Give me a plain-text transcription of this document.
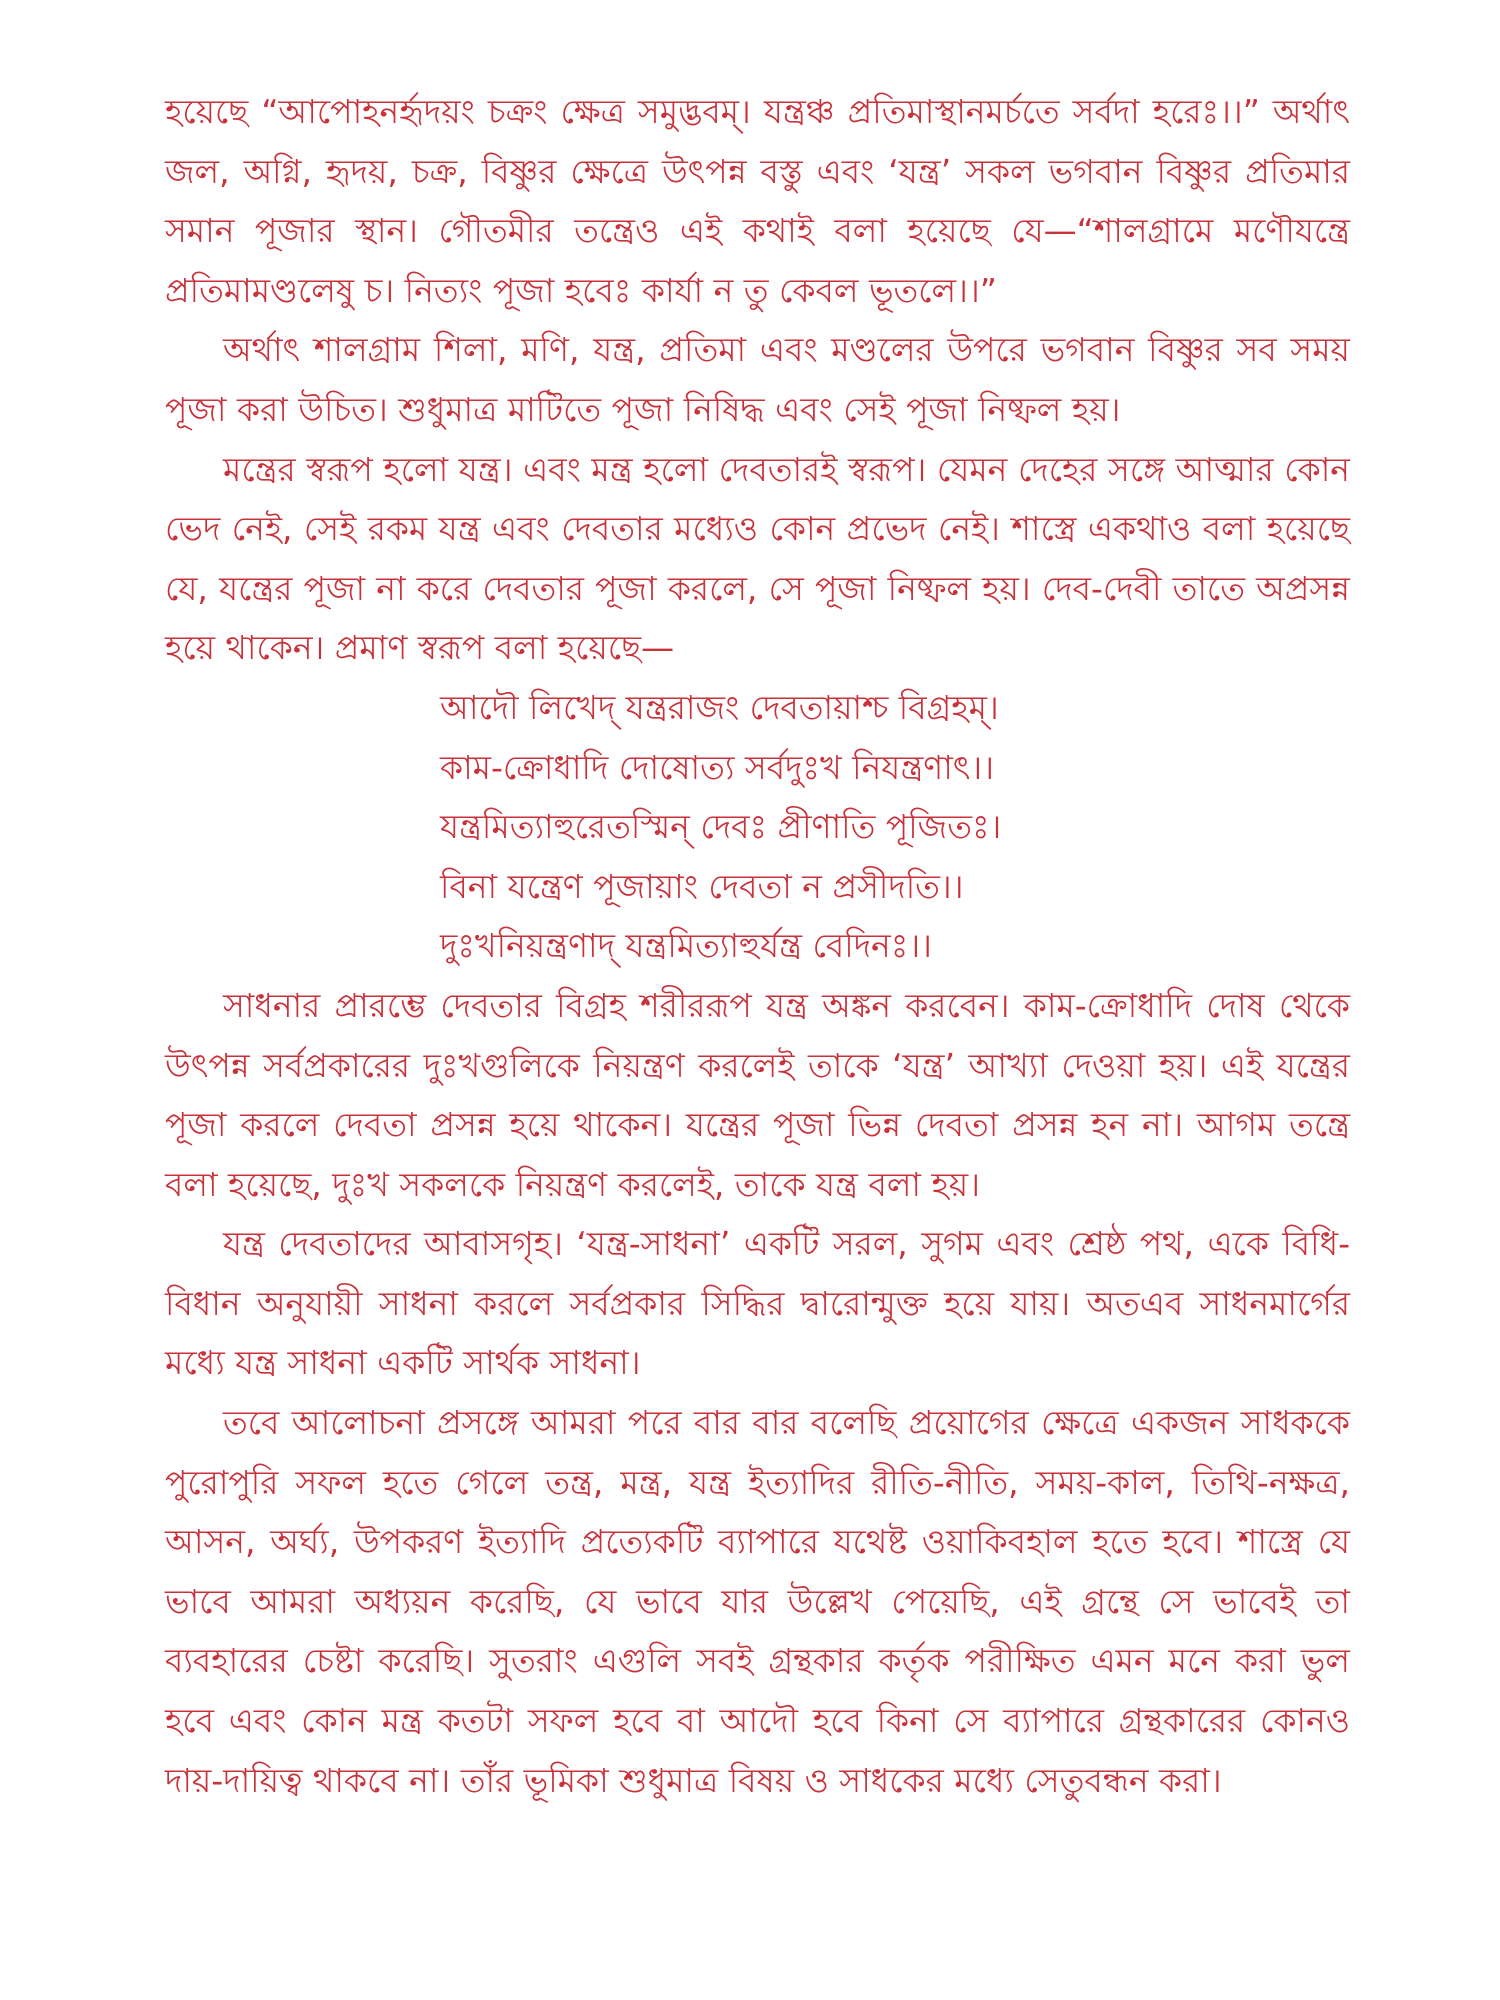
হয়েছে “আপোহনর্হৃদয়ং চক্রং ক্ষেত্র সমুদ্ভবম্। যন্ত্রঞ্চ প্রতিমাস্থানমর্চতে সর্বদা হরেঃ।।” অর্থাৎ জল, অগ্নি, হৃদয়, চক্র, বিষ্ণুর ক্ষেত্রে উৎপন্ন বস্তু এবং ‘যন্ত্র’ সকল ভগবান বিষ্ণুর প্রতিমার সমান পূজার স্থান। গৌতমীর তন্ত্রেও এই কথাই বলা হয়েছে যে—“শালগ্রামে মণৌযন্ত্রে প্রতিমামণ্ডলেষু চ। নিত্যং পূজা হবেঃ কার্যা ন তু কেবল ভূতলে।।”

অর্থাৎ শালগ্রাম শিলা, মণি, যন্ত্র, প্রতিমা এবং মণ্ডলের উপরে ভগবান বিষ্ণুর সব সময় পূজা করা উচিত। শুধুমাত্র মাটিতে পূজা নিষিদ্ধ এবং সেই পূজা নিষ্ফল হয়।

মন্ত্রের স্বরূপ হলো যন্ত্র। এবং মন্ত্র হলো দেবতারই স্বরূপ। যেমন দেহের সঙ্গে আত্মার কোন ভেদ নেই, সেই রকম যন্ত্র এবং দেবতার মধ্যেও কোন প্রভেদ নেই। শাস্ত্রে একথাও বলা হয়েছে যে, যন্ত্রের পূজা না করে দেবতার পূজা করলে, সে পূজা নিষ্ফল হয়। দেব-দেবী তাতে অপ্রসন্ন হয়ে থাকেন। প্রমাণ স্বরূপ বলা হয়েছে—

আদৌ লিখেদ্ যন্ত্ররাজং দেবতায়াশ্চ বিগ্রহম্।
কাম-ক্রোধাদি দোষোত্য সর্বদুঃখ নিযন্ত্রণাৎ।।
যন্ত্রমিত্যাহুরেতস্মিন্ দেবঃ প্রীণাতি পূজিতঃ।
বিনা যন্ত্রেণ পূজায়াং দেবতা ন প্রসীদতি।।
দুঃখনিয়ন্ত্রণাদ্ যন্ত্রমিত্যাহুর্যন্ত্র বেদিনঃ।।

সাধনার প্রারম্ভে দেবতার বিগ্রহ শরীররূপ যন্ত্র অঙ্কন করবেন। কাম-ক্রোধাদি দোষ থেকে উৎপন্ন সর্বপ্রকারের দুঃখগুলিকে নিয়ন্ত্রণ করলেই তাকে ‘যন্ত্র’ আখ্যা দেওয়া হয়। এই যন্ত্রের পূজা করলে দেবতা প্রসন্ন হয়ে থাকেন। যন্ত্রের পূজা ভিন্ন দেবতা প্রসন্ন হন না। আগম তন্ত্রে বলা হয়েছে, দুঃখ সকলকে নিয়ন্ত্রণ করলেই, তাকে যন্ত্র বলা হয়।

যন্ত্র দেবতাদের আবাসগৃহ। ‘যন্ত্র-সাধনা’ একটি সরল, সুগম এবং শ্রেষ্ঠ পথ, একে বিধি-বিধান অনুযায়ী সাধনা করলে সর্বপ্রকার সিদ্ধির দ্বারোন্মুক্ত হয়ে যায়। অতএব সাধনমার্গের মধ্যে যন্ত্র সাধনা একটি সার্থক সাধনা।

তবে আলোচনা প্রসঙ্গে আমরা পরে বার বার বলেছি প্রয়োগের ক্ষেত্রে একজন সাধককে পুরোপুরি সফল হতে গেলে তন্ত্র, মন্ত্র, যন্ত্র ইত্যাদির রীতি-নীতি, সময়-কাল, তিথি-নক্ষত্র, আসন, অর্ঘ্য, উপকরণ ইত্যাদি প্রত্যেকটি ব্যাপারে যথেষ্ট ওয়াকিবহাল হতে হবে। শাস্ত্রে যে ভাবে আমরা অধ্যয়ন করেছি, যে ভাবে যার উল্লেখ পেয়েছি, এই গ্রন্থে সে ভাবেই তা ব্যবহারের চেষ্টা করেছি। সুতরাং এগুলি সবই গ্রন্থকার কর্তৃক পরীক্ষিত এমন মনে করা ভুল হবে এবং কোন মন্ত্র কতটা সফল হবে বা আদৌ হবে কিনা সে ব্যাপারে গ্রন্থকারের কোনও দায়-দায়িত্ব থাকবে না। তাঁর ভূমিকা শুধুমাত্র বিষয় ও সাধকের মধ্যে সেতুবন্ধন করা।
